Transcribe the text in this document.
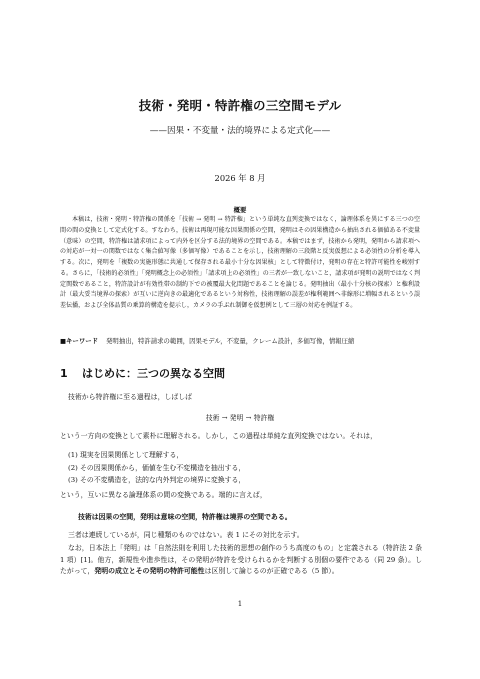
技術・発明・特許権の三空間モデル
——因果・不変量・法的境界による定式化——
2026 年 8 月
概要
本稿は，技術・発明・特許権の関係を「技術 → 発明 → 特許権」という単純な直列変換ではなく，論理体系を異にする三つの空間の間の変換として定式化する。すなわち，技術は再現可能な因果関係の空間，発明はその因果構造から抽出される価値ある不変量（意味）の空間，特許権は請求項によって内外を区分する法的境界の空間である。本稿ではまず，技術から発明，発明から請求項への対応が一対一の関数ではなく集合値写像（多価写像）であることを示し，技術理解の三段階と反実仮想による必須性の分析を導入する。次に，発明を「複数の実施形態に共通して保存される最小十分な因果核」として特徴付け，発明の存在と特許可能性を峻別する。さらに，「技術的必須性」「発明概念上の必須性」「請求項上の必須性」の三者が一致しないこと，請求項が発明の説明ではなく判定関数であること，特許設計が有効性帯の制約下での被覆最大化問題であることを論じる。発明抽出（最小十分核の探索）と権利設計（最大妥当境界の探索）が互いに逆向きの最適化であるという対称性，技術理解の誤差が権利範囲へ非線形に増幅されるという誤差伝播，および全体品質の乗算的構造を提示し，カメラの手ぶれ制御を仮想例として三層の対応を例証する。
■キーワード 発明抽出，特許請求の範囲，因果モデル，不変量，クレーム設計，多価写像，情報圧縮
1 はじめに：三つの異なる空間
技術から特許権に至る過程は，しばしば
技術 → 発明 → 特許権
という一方向の変換として素朴に理解される。しかし，この過程は単純な直列変換ではない。それは，
(1) 現実を因果関係として理解する，
(2) その因果関係から，価値を生む不変構造を抽出する，
(3) その不変構造を，法的な内外判定の境界に変換する，
という，互いに異なる論理体系の間の変換である。端的に言えば，
技術は因果の空間，発明は意味の空間，特許権は境界の空間である。
三者は連続しているが，同じ種類のものではない。表 1 にその対比を示す。
なお，日本法上「発明」は「自然法則を利用した技術的思想の創作のうち高度のもの」と定義される（特許法 2 条 1 項）[1]。他方，新規性や進歩性は，その発明が特許を受けられるかを判断する別個の要件である（同 29 条）。したがって，発明の成立とその発明の特許可能性は区別して論じるのが正確である（5 節）。
1
